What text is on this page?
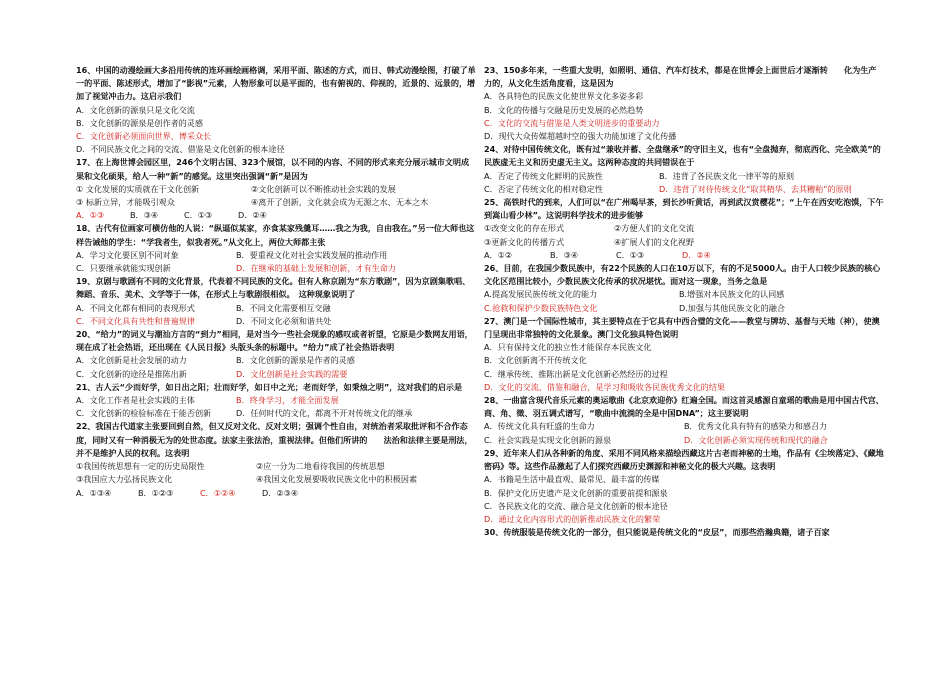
16、中国的动漫绘画大多沿用传统的连环画绘画格调，采用平面、陈述的方式，而日、韩式动漫绘图，打破了单一的平面、陈述形式，增加了“影视”元素，人物形象可以是平面的，也有俯视的、仰视的，近景的、远景的，增加了视觉冲击力。这启示我们
A．文化创新的源泉只是文化交流
B．文化创新的源泉是创作者的灵感
C．文化创新必须面向世界、博采众长
D．不同民族文化之间的交流、借鉴是文化创新的根本途径
17、在上海世博会园区里，246个文明古国、323个展馆，以不同的内容、不同的形式来充分展示城市文明成果和文化硕果，给人一种“新”的感觉。这里突出强调“新”是因为
① 文化发展的实质就在于文化创新	②文化创新可以不断推动社会实践的发展
③ 标新立异，才能吸引观众	④离开了创新，文化就会成为无源之水、无本之木
A．①③	B．③④	C．①③	D．②④
18、古代有位画家可横仿他的人说：“纵逼似某家，亦食某家残羹耳……我之为我，自由我在。”另一位大师也这样告诫他的学生：“学我者生，似我者死。”从文化上，两位大师都主张
A．学习文化要区别不同对象	B．要重视文化对社会实践发展的推动作用
C．只要继承就能实现创新	D．在继承的基础上发展和创新，才有生命力
19、京剧与歌剧有不同的文化背景，代表着不同民族的文化。但有人称京剧为“东方歌剧”，因为京剧集歌唱、舞蹈、音乐、美术、文学等于一体，在形式上与歌剧很相似。　这种现象说明了
A．不同文化都有相同的表现形式	B．不同文化需要相互交融
C．不同文化具有共性和普遍规律	D．不同文化必须和谐共处
20、“给力”的词义与潮汕方言的“到力”相同，是对当今一些社会现象的感叹或者祈望，它原是少数网友用语，现在成了社会热语，还出现在《人民日报》头版头条的标题中。“给力”成了社会热语表明
A．文化创新是社会发展的动力	B．文化创新的源泉是作者的灵感
C．文化创新的途径是推陈出新	D．文化创新是社会实践的需要
21、古人云“少而好学，如日出之阳；壮而好学，如日中之光；老而好学，如秉烛之明”，这对我们的启示是
A．文化工作者是社会实践的主体	B．终身学习，才能全面发展
C．文化创新的检验标准在于能否创新	D．任何时代的文化，都离不开对传统文化的继承
22、我国古代道家主张要回到自然，但又反对文化、反对文明；强调个性自由，对统治者采取批评和不合作态度，同时又有一种消极无为的处世态度。法家主张法治，重视法律。但他们所讲的　　法治和法律主要是刑法，并不是维护人民的权利。这表明
①我国传统思想有一定的历史局限性	②应一分为二地看待我国的传统思想
③我国应大力弘扬民族文化	④我国文化发展要吸收民族文化中的积极因素
A．①③④	B．①②③	C．①②④	D．②③④
23、150多年来，一些重大发明，如照明、通信、汽车灯技术，都是在世博会上面世后才逐渐转　　化为生产力的，从文化生活角度看，这是因为
A．各具特色的民族文化使世界文化多姿多彩
B．文化的传播与交融是历史发展的必然趋势
C．文化的交流与借鉴是人类文明进步的重要动力
D．现代大众传媒超越时空的强大功能加速了文化传播
24、对待中国传统文化，既有过“兼收并蓄、全盘继承”的守旧主义，也有“全盘抛弃，彻底西化、完全欧美”的民族虚无主义和历史虚无主义。这两种态度的共同错误在于
A．否定了传统文化鲜明的民族性	B．违背了各民族文化一律平等的原则
C．否定了传统文化的相对稳定性	D．违背了对待传统文化“取其精华、去其糟粕”的原则
25、高铁时代的到来，人们可以“在广州喝早茶，到长沙听黄话，再到武汉赏樱花”；“上午在西安吃泡馍，下午到嵩山看少林”。这说明科学技术的进步能够
①改变文化的存在形式	②方便人们的文化交流
③更新文化的传播方式	④扩展人们的文化视野
A．①②	B．③④	C．①③	D．②④
26、目前，在我国少数民族中，有22个民族的人口在10万以下，有的不足5000人。由于人口较少民族的核心文化区范围比较小，少数民族文化传承的状况堪忧。面对这一现象，当务之急是
A.提高发展民族传统文化的能力	B.增强对本民族文化的认同感
C.抢救和保护少数民族特色文化	D.加强与其他民族文化的融合
27、澳门是一个国际性城市，其主要特点在于它具有中西合璧的文化——教堂与牌坊、基督与天地（神），使澳门呈现出非常独特的文化景象。澳门文化独具特色说明
A．只有保持文化的独立性才能保存本民族文化
B．文化创新离不开传统文化
C．继承传统、推陈出新是文化创新必然经历的过程
D．文化的交流、借鉴和融合，是学习和吸收各民族优秀文化的结果
28、一曲富含现代音乐元素的奥运歌曲《北京欢迎你》红遍全国。而这首灵感源自童瑶的歌曲是用中国古代宫、商、角、徵、羽五调式谱写，“歌曲中流淌的全是中国DNA”；这主要说明
A．传统文化具有旺盛的生命力	B．优秀文化具有特有的感染力和感召力
C．社会实践是实现文化创新的源泉	D．文化创新必须实现传统和现代的融合
29、近年来人们从各种新的角度、采用不同风格来描绘西藏这片古老而神秘的土地，作品有《尘埃落定》、《藏地密码》等。这些作品激起了人们探究西藏历史渊源和神秘文化的极大兴趣。这表明
A．书籍是生活中最直观、最常见、最丰富的传媒
B．保护文化历史遗产是文化创新的重要前提和源泉
C．各民族文化的交流、融合是文化创新的根本途径
D．通过文化内容形式的创新推动民族文化的繁荣
30、传统服装是传统文化的一部分，但只能说是传统文化的“皮层”，而那些浩瀚典籍，诸子百家
